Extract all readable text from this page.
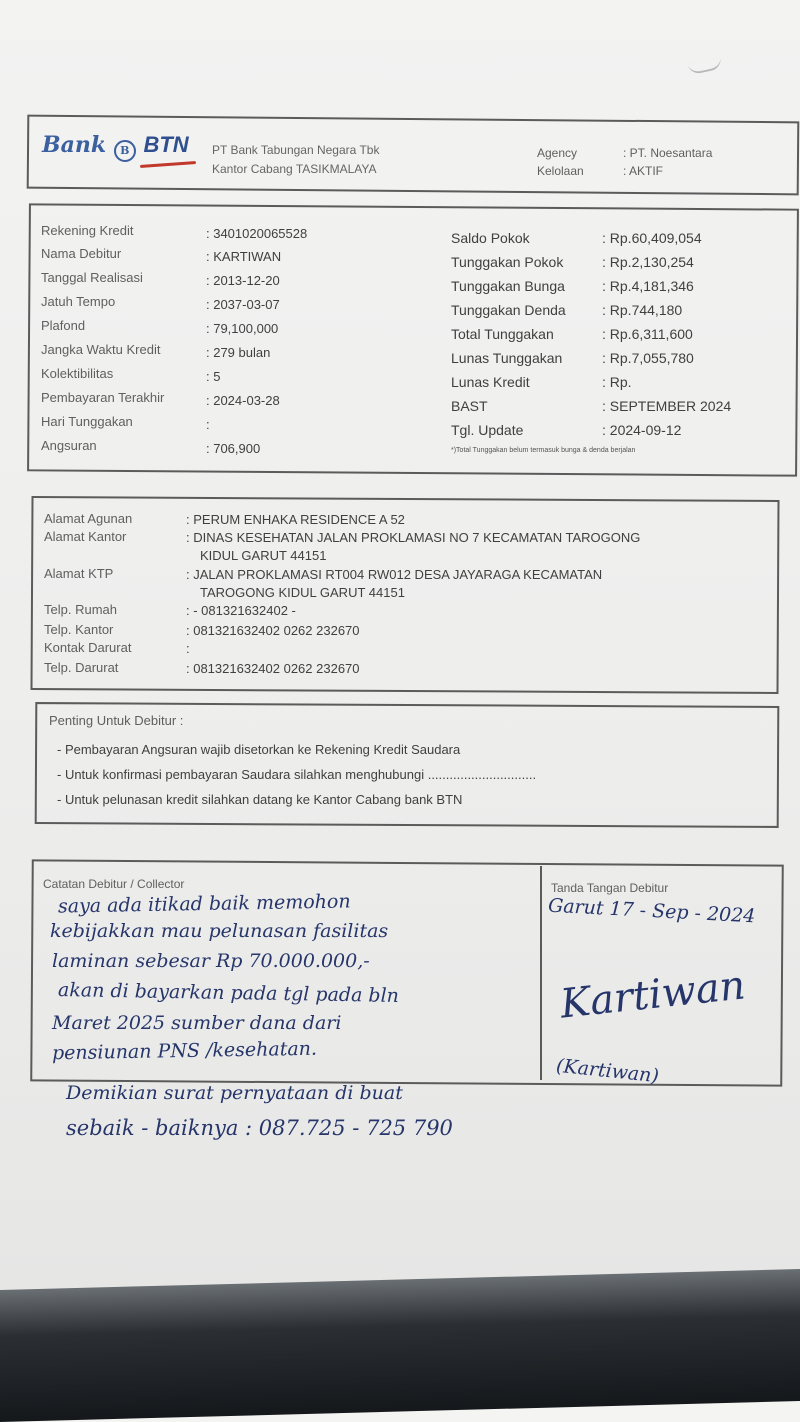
Bank B BTN PT Bank Tabungan Negara Tbk
Kantor Cabang TASIKMALAYA
Agency	: PT. Noesantara
Kelolaan	: AKTIF
Rekening Kredit	: 3401020065528
Nama Debitur	: KARTIWAN
Tanggal Realisasi	: 2013-12-20
Jatuh Tempo	: 2037-03-07
Plafond	: 79,100,000
Jangka Waktu Kredit	: 279 bulan
Kolektibilitas	: 5
Pembayaran Terakhir	: 2024-03-28
Hari Tunggakan	:
Angsuran	: 706,900
Saldo Pokok	: Rp.60,409,054
Tunggakan Pokok	: Rp.2,130,254
Tunggakan Bunga	: Rp.4,181,346
Tunggakan Denda	: Rp.744,180
Total Tunggakan	: Rp.6,311,600
Lunas Tunggakan	: Rp.7,055,780
Lunas Kredit	: Rp.
BAST	: SEPTEMBER 2024
Tgl. Update	: 2024-09-12
*)Total Tunggakan belum termasuk bunga & denda berjalan
Alamat Agunan	: PERUM ENHAKA RESIDENCE A 52
Alamat Kantor	: DINAS KESEHATAN JALAN PROKLAMASI NO 7 KECAMATAN TAROGONG
KIDUL GARUT 44151
Alamat KTP	: JALAN PROKLAMASI RT004 RW012 DESA JAYARAGA KECAMATAN
TAROGONG KIDUL GARUT 44151
Telp. Rumah	: - 081321632402 -
Telp. Kantor	: 081321632402 0262 232670
Kontak Darurat	:
Telp. Darurat	: 081321632402 0262 232670
Penting Untuk Debitur :
- Pembayaran Angsuran wajib disetorkan ke Rekening Kredit Saudara
- Untuk konfirmasi pembayaran Saudara silahkan menghubungi ..............................
- Untuk pelunasan kredit silahkan datang ke Kantor Cabang bank BTN
Catatan Debitur / Collector	Tanda Tangan Debitur
saya ada itikad baik memohon
kebijakkan mau pelunasan fasilitas
laminan sebesar Rp 70.000.000,-
akan di bayarkan pada tgl pada bln
Maret 2025 sumber dana dari
pensiunan PNS /kesehatan.
Demikian surat pernyataan di buat
sebaik - baiknya : 087.725 - 725 790
Garut 17 - Sep - 2024
Kartiwan
(Kartiwan)
